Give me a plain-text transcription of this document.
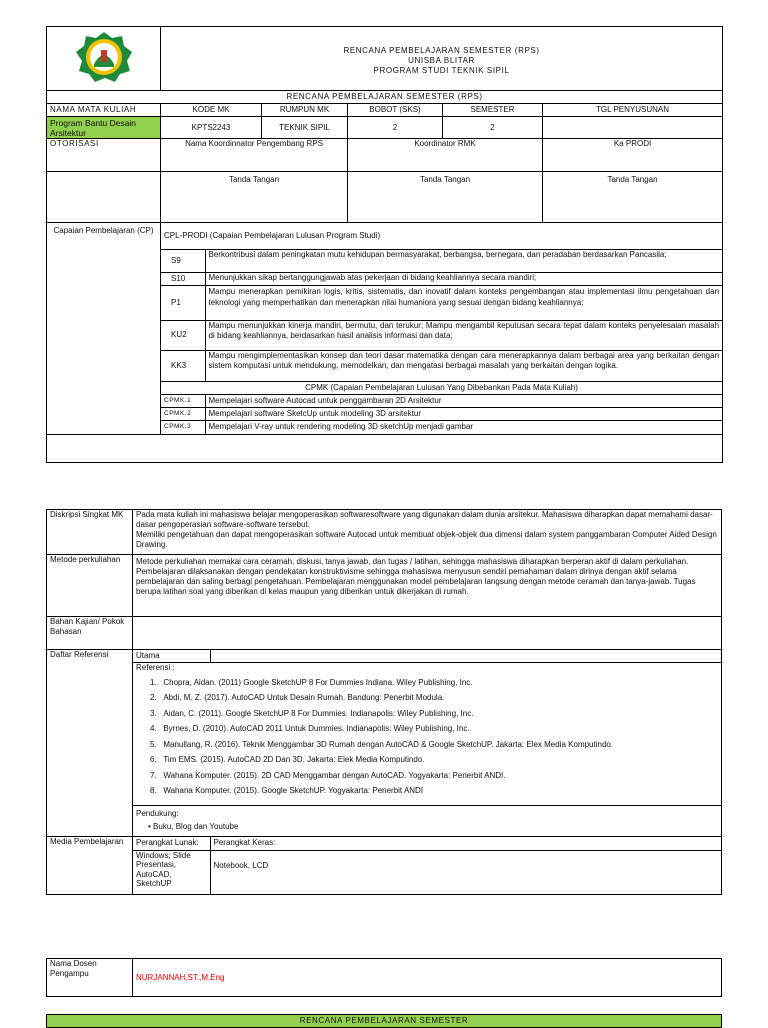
RENCANA PEMBELAJARAN SEMESTER (RPS)
UNISBA BLITAR
PROGRAM STUDI TEKNIK SIPIL

RENCANA PEMBELAJARAN SEMESTER (RPS)
NAMA MATA KULIAH	KODE MK	RUMPUN MK	BOBOT (SKS)	SEMESTER	TGL PENYUSUNAN
Program Bantu Desain Arsitektur	KPTS2243	TEKNIK SIPIL	2	2	
OTORISASI	Nama Koordinnator Pengembang RPS	Koordinator RMK	Ka PRODI
	Tanda Tangan	Tanda Tangan	Tanda Tangan
Capaian Pembelajaran (CP)	
CPL-PRODI (Capaian Pembelajaran Lulusan Program Studi)
S9	Berkontribusi dalam peningkatan mutu kehidupan bermasyarakat, berbangsa, bernegara, dan peradaban berdasarkan Pancasila;
S10	Menunjukkan sikap bertanggungjawab atas pekerjaan di bidang keahliannya secara mandiri;
P1	Mampu menerapkan pemikiran logis, kritis, sistematis, dan inovatif dalam konteks pengembangan atau implementasi ilmu pengetahuan dan teknologi yang memperhatikan dan menerapkan nilai humaniora yang sesuai dengan bidang keahliannya;
KU2	Mampu menunjukkan kinerja mandiri, bermutu, dan terukur; Mampu mengambil keputusan secara tepat dalam konteks penyelesaian masalah di bidang keahliannya, berdasarkan hasil analisis informasi dan data;
KK3	Mampu mengimplementasikan konsep dan teori dasar matematika dengan cara menerapkannya dalam berbagai area yang berkaitan dengan sistem komputasi untuk mendukung, memodelkan, dan mengatasi berbagai masalah yang berkaitan dengan logika.
CPMK (Capaian Pembelajaran Lulusan Yang Dibebankan Pada Mata Kuliah)
CPMK.1	Mempelajari software Autocad untuk penggambaran 2D Arsitektur
CPMK.2	Mempelajari software SketcUp untuk modeling 3D arsitektur
CPMK.3	Mempelajari V-ray untuk rendering modeling 3D sketchUp menjadi gambar

Diskripsi Singkat MK	Pada mata kuliah ini mahasiswa belajar mengoperasikan softwaresoftware yang digunakan dalam dunia arsitekur. Mahasiswa diharapkan dapat memahami dasar-dasar pengoperasian software-software tersebut.
Memiliki pengetahuan dan dapat mengoperasikan software Autocad untuk membuat objek-objek dua dimensi dalam system panggambaran Computer Aided Design Drawing.

Metode perkuliahan	Metode perkuliahan memakai cara ceramah, diskusi, tanya jawab, dan tugas / latihan, sehingga mahasiswa diharapkan berperan aktif di dalam perkuliahan. Pembelajaran dilaksanakan dengan pendekatan konstruktivisme sehingga mahasiswa menyusun sendiri pemahaman dalam dirinya dengan aktif selama pembelajaran dan saling berbagi pengetahuan. Pembelajaran menggunakan model pembelajaran langsung dengan metode ceramah dan tanya-jawab. Tugas berupa latihan soal yang diberikan di kelas maupun yang diberikan untuk dikerjakan di rumah.
Bahan Kajian/ Pokok Bahasan	
Daftar Referensi		Utama	

Referensi :
1.   Chopra, Aidan. (2011) Google SketchUP 8 For Dummies Indiana. Wiley Publishing, Inc.
2.   Abdi, M. Z. (2017). AutoCAD Untuk Desain Rumah. Bandung: Penerbit Modula.
3.   Aidan, C. (2011). Google SketchUP 8 For Dummies. Indianapolis: Wiley Publishing, Inc.
4.   Byrnes, D. (2010). AutoCAD 2011 Untuk Dummies. Indianapolis: Wiley Publishing, Inc.
5.   Manullang, R. (2016). Teknik Menggambar 3D Rumah dengan AutoCAD & Google SketchUP. Jakarta: Elex Media Komputindo.
6.   Tim EMS. (2015). AutoCAD 2D Dan 3D. Jakarta: Elek Media Komputindo.
7.   Wahana Komputer. (2015). 2D CAD Menggambar dengan AutoCAD. Yogyakarta: Penerbit ANDI.
8.   Wahana Komputer. (2015). Google SketchUP. Yogyakarta: Penerbit ANDI

Pendukung:
• Buku, Blog dan Youtube

Media Pembelajaran	Perangkat Lunak:	Perangkat Keras:
Windows; Slide Presentasi, AutoCAD, SketchUP	Notebook, LCD
Nama Dosen Pengampu	NURJANNAH,ST.,M.Eng
RENCANA PEMBELAJARAN SEMESTER
